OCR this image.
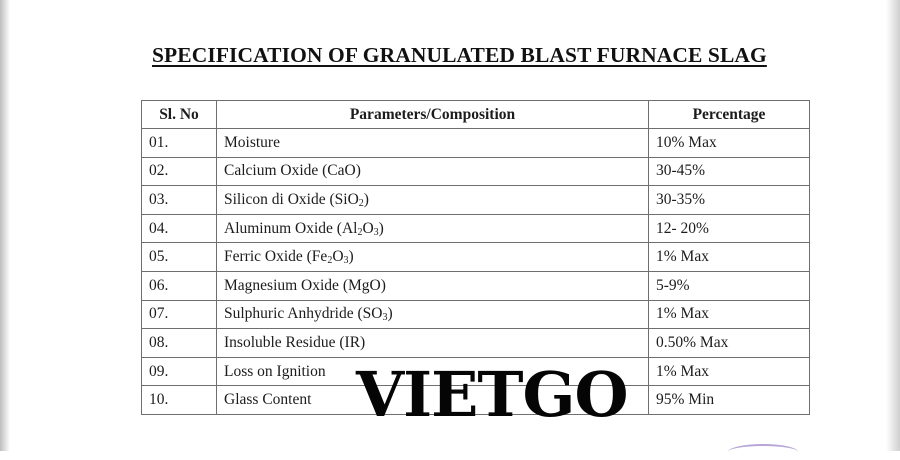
SPECIFICATION OF GRANULATED BLAST FURNACE SLAG
Sl. No	Parameters/Composition	Percentage
01.	Moisture	10% Max
02.	Calcium Oxide (CaO)	30-45%
03.	Silicon di Oxide (SiO$_2$)	30-35%
04.	Aluminum Oxide $(Al_2O_3)$	12- 20%
05.	Ferric Oxide $(Fe_2O_3)$	1% Max
06.	Magnesium Oxide (MgO)	5-9%
07.	Sulphuric Anhydride $(SO_3)$	1% Max
08.	Insoluble Residue (IR)	0.50% Max
09.	Loss on Ignition	1% Max
10.	Glass Content	95% Min
VIETGO
